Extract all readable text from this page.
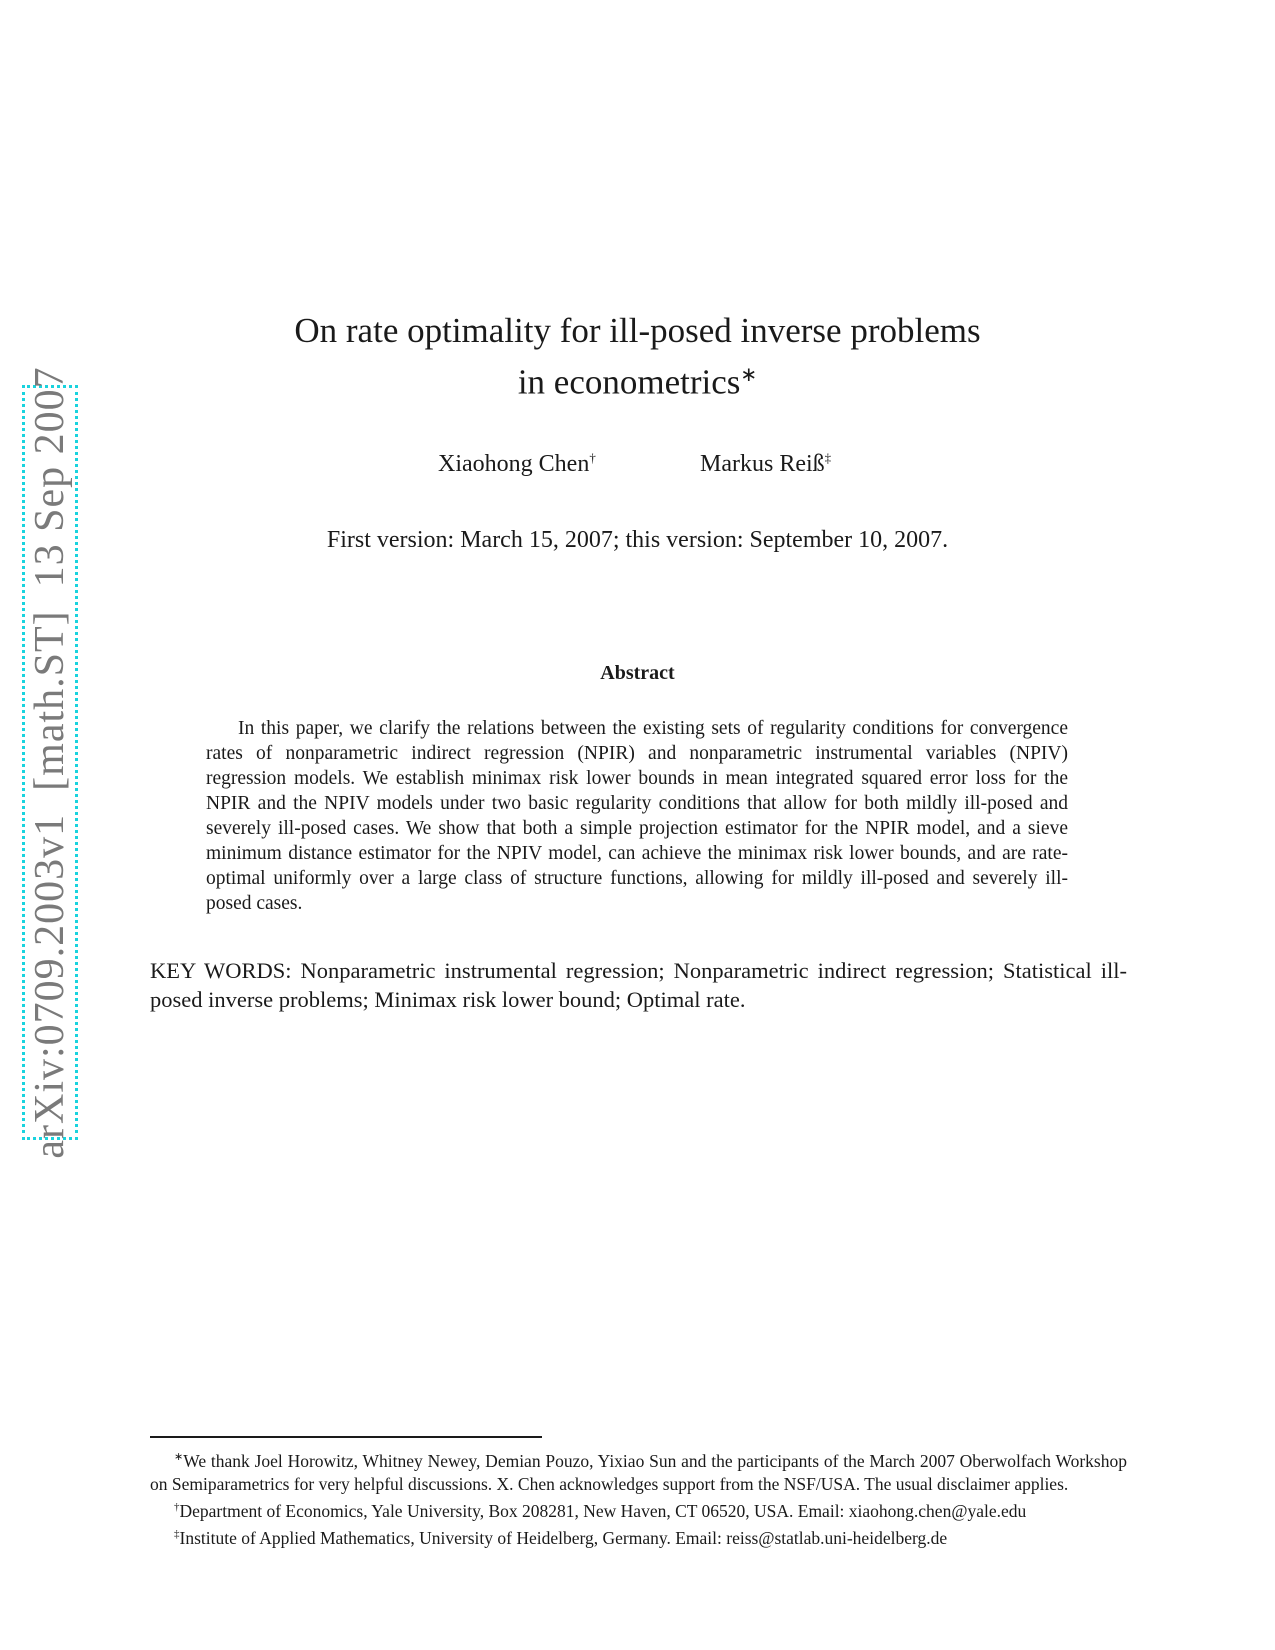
arXiv:0709.2003v1  [math.ST]  13 Sep 2007
On rate optimality for ill-posed inverse problems
in econometrics∗
Xiaohong Chen†	Markus Reiß‡
First version: March 15, 2007; this version: September 10, 2007.
Abstract

In this paper, we clarify the relations between the existing sets of regularity conditions for convergence rates of nonparametric indirect regression (NPIR) and nonparametric instrumental variables (NPIV) regression models. We establish minimax risk lower bounds in mean integrated squared error loss for the NPIR and the NPIV models under two basic regularity conditions that allow for both mildly ill-posed and severely ill-posed cases. We show that both a simple projection estimator for the NPIR model, and a sieve minimum distance estimator for the NPIV model, can achieve the minimax risk lower bounds, and are rate-optimal uniformly over a large class of structure functions, allowing for mildly ill-posed and severely ill-posed cases.

KEY WORDS: Nonparametric instrumental regression; Nonparametric indirect regression; Statistical ill-posed inverse problems; Minimax risk lower bound; Optimal rate.

∗We thank Joel Horowitz, Whitney Newey, Demian Pouzo, Yixiao Sun and the participants of the March 2007 Oberwolfach Workshop on Semiparametrics for very helpful discussions. X. Chen acknowledges support from the NSF/USA. The usual disclaimer applies.

†Department of Economics, Yale University, Box 208281, New Haven, CT 06520, USA. Email: xiaohong.chen@yale.edu

‡Institute of Applied Mathematics, University of Heidelberg, Germany. Email: reiss@statlab.uni-heidelberg.de
